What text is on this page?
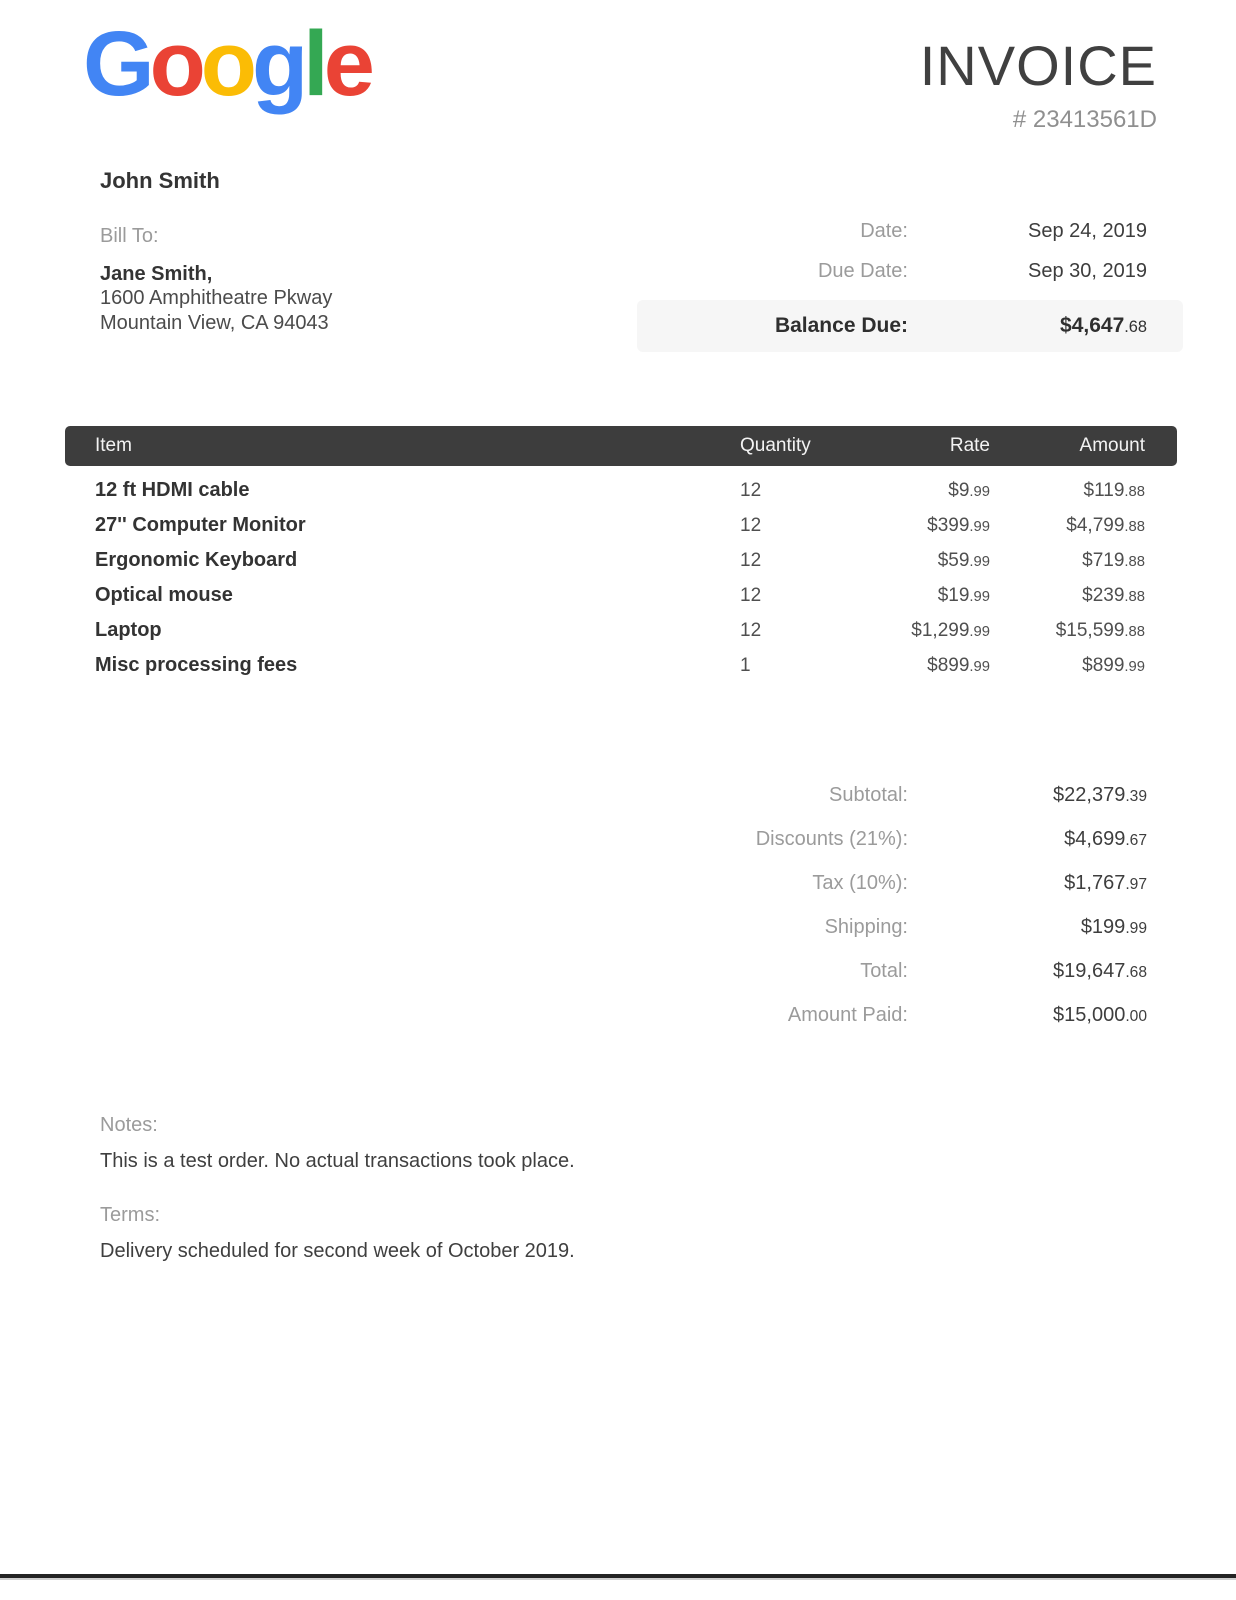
Google	INVOICE
# 23413561D
John Smith
Bill To:
Jane Smith,
1600 Amphitheatre Pkway
Mountain View, CA 94043
Date:	Sep 24, 2019
Due Date:	Sep 30, 2019
Balance Due:	$4,647.68
Item	Quantity	Rate	Amount
12 ft HDMI cable	12	$9.99	$119.88
27'' Computer Monitor	12	$399.99	$4,799.88
Ergonomic Keyboard	12	$59.99	$719.88
Optical mouse	12	$19.99	$239.88
Laptop	12	$1,299.99	$15,599.88
Misc processing fees	1	$899.99	$899.99
Subtotal:	$22,379.39
Discounts (21%):	$4,699.67
Tax (10%):	$1,767.97
Shipping:	$199.99
Total:	$19,647.68
Amount Paid:	$15,000.00
Notes:
This is a test order. No actual transactions took place.
Terms:
Delivery scheduled for second week of October 2019.
